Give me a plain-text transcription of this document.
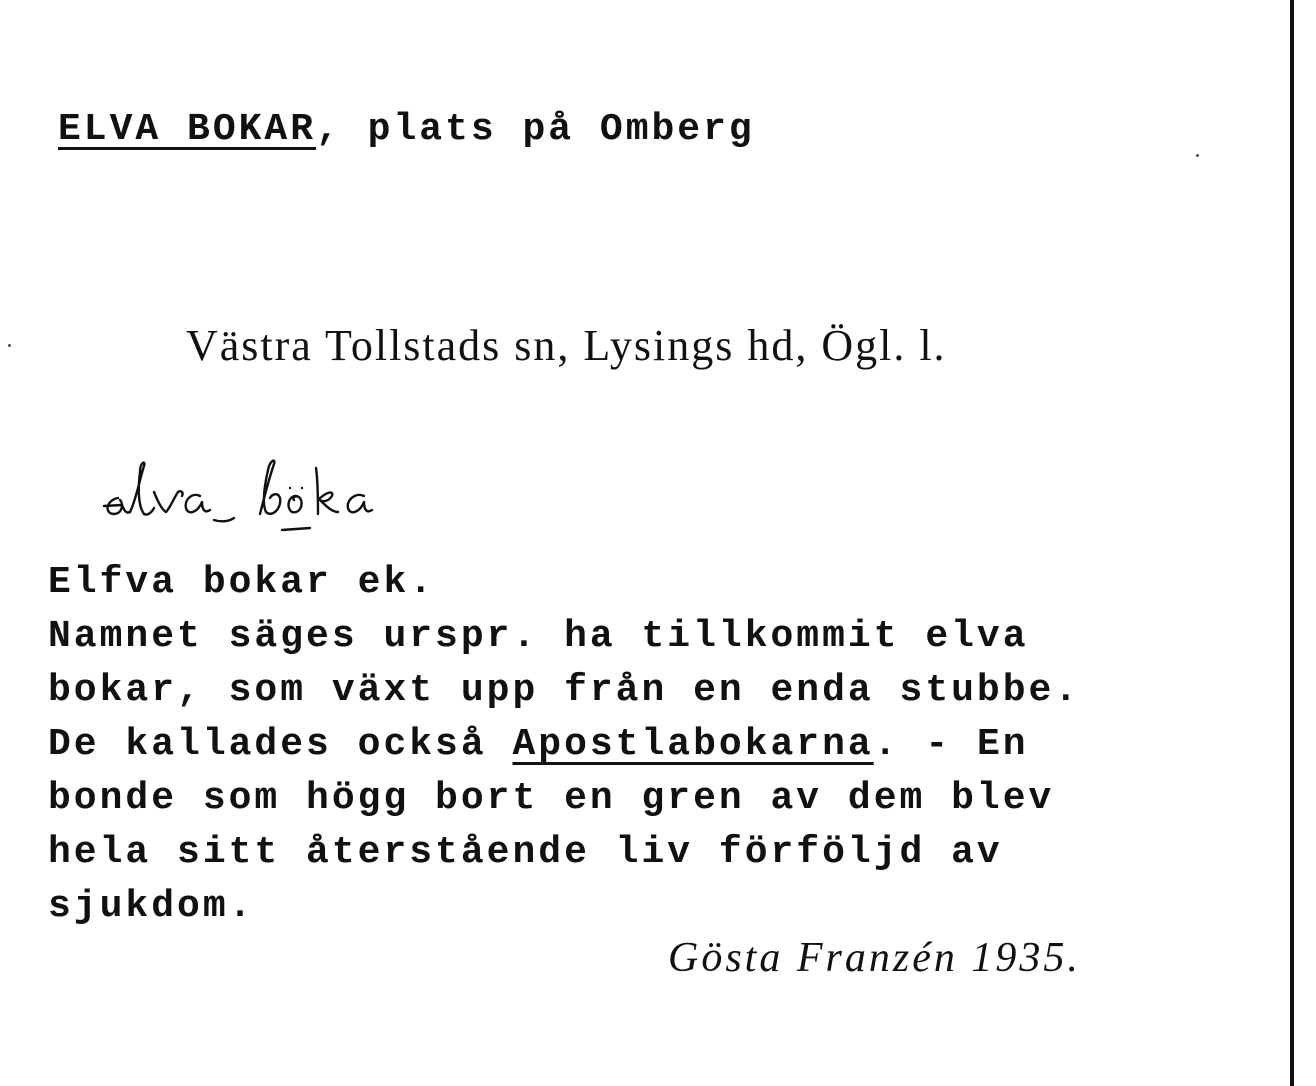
ELVA BOKAR, plats på Omberg
Västra Tollstads sn, Lysings hd, Ögl. l.
Elfva bokar ek.
Namnet säges urspr. ha tillkommit elva
bokar, som växt upp från en enda stubbe.
De kallades också Apostlabokarna. - En
bonde som högg bort en gren av dem blev
hela sitt återstående liv förföljd av
sjukdom.
Gösta Franzén 1935.
